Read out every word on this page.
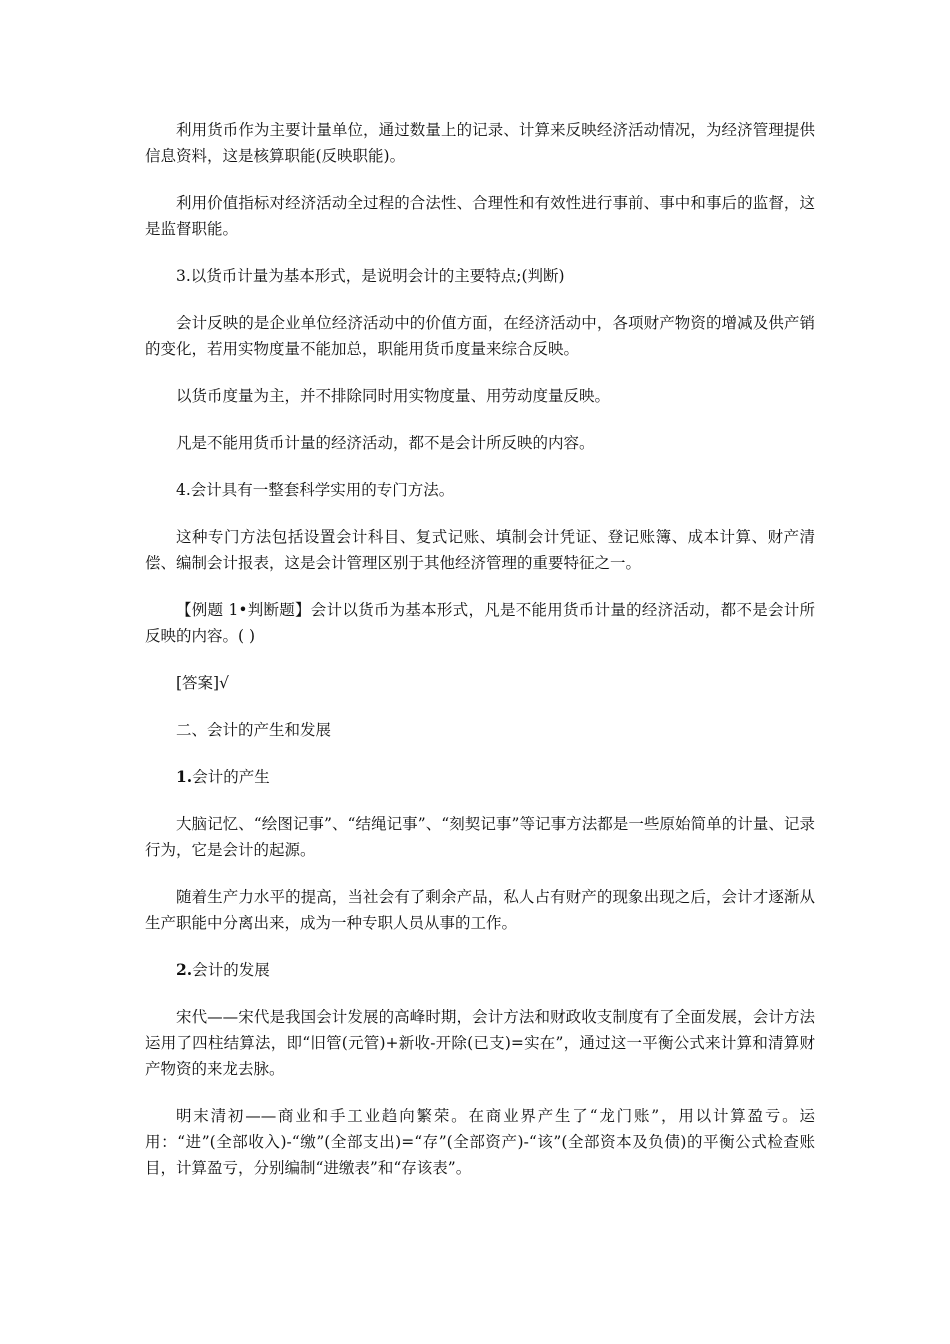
利用货币作为主要计量单位，通过数量上的记录、计算来反映经济活动情况，为经济管理提供信息资料，这是核算职能(反映职能)。

利用价值指标对经济活动全过程的合法性、合理性和有效性进行事前、事中和事后的监督，这是监督职能。

3.以货币计量为基本形式，是说明会计的主要特点;(判断)

会计反映的是企业单位经济活动中的价值方面，在经济活动中，各项财产物资的增减及供产销的变化，若用实物度量不能加总，职能用货币度量来综合反映。

以货币度量为主，并不排除同时用实物度量、用劳动度量反映。

凡是不能用货币计量的经济活动，都不是会计所反映的内容。

4.会计具有一整套科学实用的专门方法。

这种专门方法包括设置会计科目、复式记账、填制会计凭证、登记账簿、成本计算、财产清偿、编制会计报表，这是会计管理区别于其他经济管理的重要特征之一。

【例题 1•判断题】会计以货币为基本形式，凡是不能用货币计量的经济活动，都不是会计所反映的内容。( )

[答案]√

二、会计的产生和发展

1.会计的产生

大脑记忆、“绘图记事”、“结绳记事”、“刻契记事”等记事方法都是一些原始简单的计量、记录行为，它是会计的起源。

随着生产力水平的提高，当社会有了剩余产品，私人占有财产的现象出现之后，会计才逐渐从生产职能中分离出来，成为一种专职人员从事的工作。

2.会计的发展

宋代——宋代是我国会计发展的高峰时期，会计方法和财政收支制度有了全面发展，会计方法运用了四柱结算法，即“旧管(元管)+新收-开除(已支)=实在”，通过这一平衡公式来计算和清算财产物资的来龙去脉。

明末清初——商业和手工业趋向繁荣。在商业界产生了“龙门账”，用以计算盈亏。运用：“进”(全部收入)-“缴”(全部支出)=“存”(全部资产)-“该”(全部资本及负债)的平衡公式检查账目，计算盈亏，分别编制“进缴表”和“存该表”。
